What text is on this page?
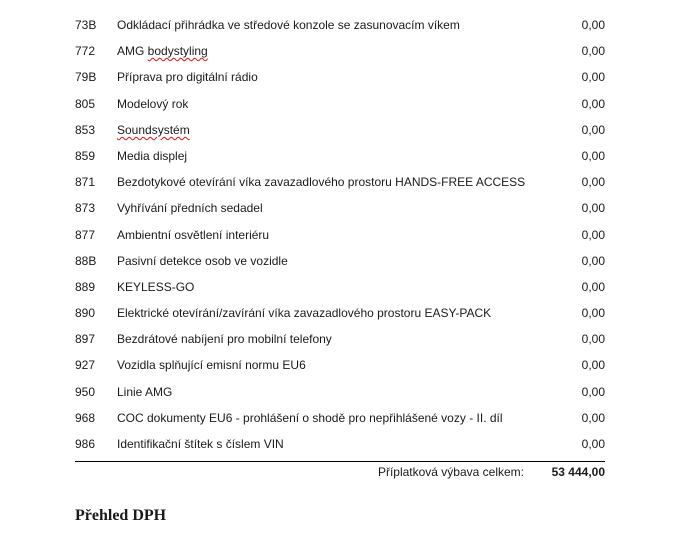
73B Odkládací přihrádka ve středové konzole se zasunovacím víkem	0,00
772 AMG bodystyling	0,00
79B Příprava pro digitální rádio	0,00
805 Modelový rok	0,00
853 Soundsystém	0,00
859 Media displej	0,00
871 Bezdotykové otevírání víka zavazadlového prostoru HANDS-FREE ACCESS	0,00
873 Vyhřívání předních sedadel	0,00
877 Ambientní osvětlení interiéru	0,00
88B Pasivní detekce osob ve vozidle	0,00
889 KEYLESS-GO	0,00
890 Elektrické otevírání/zavírání víka zavazadlového prostoru EASY-PACK	0,00
897 Bezdrátové nabíjení pro mobilní telefony	0,00
927 Vozidla splňující emisní normu EU6	0,00
950 Linie AMG	0,00
968 COC dokumenty EU6 - prohlášení o shodě pro nepřihlášené vozy - II. díl	0,00
986 Identifikační štítek s číslem VIN	0,00
Příplatková výbava celkem: 53 444,00
Přehled DPH
